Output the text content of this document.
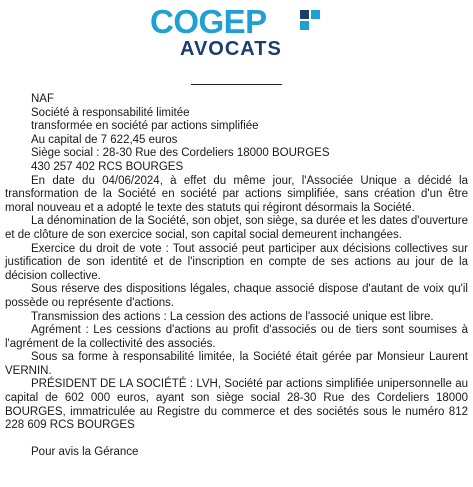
COGEP
AVOCATS
NAF
Société à responsabilité limitée
transformée en société par actions simplifiée
Au capital de 7 622,45 euros
Siège social : 28-30 Rue des Cordeliers 18000 BOURGES
430 257 402 RCS BOURGES
En date du 04/06/2024, à effet du même jour, l'Associée Unique a décidé la transformation de la Société en société par actions simplifiée, sans création d'un être moral nouveau et a adopté le texte des statuts qui régiront désormais la Société.
La dénomination de la Société, son objet, son siège, sa durée et les dates d'ouverture et de clôture de son exercice social, son capital social demeurent inchangées.
Exercice du droit de vote : Tout associé peut participer aux décisions collectives sur justification de son identité et de l'inscription en compte de ses actions au jour de la décision collective.
Sous réserve des dispositions légales, chaque associé dispose d'autant de voix qu'il possède ou représente d'actions.
Transmission des actions : La cession des actions de l'associé unique est libre.
Agrément : Les cessions d'actions au profit d'associés ou de tiers sont soumises à l'agrément de la collectivité des associés.
Sous sa forme à responsabilité limitée, la Société était gérée par Monsieur Laurent VERNIN.
PRÉSIDENT DE LA SOCIÉTÉ : LVH, Société par actions simplifiée unipersonnelle au capital de 602 000 euros, ayant son siège social 28-30 Rue des Cordeliers 18000 BOURGES, immatriculée au Registre du commerce et des sociétés sous le numéro 812 228 609 RCS BOURGES
Pour avis la Gérance
